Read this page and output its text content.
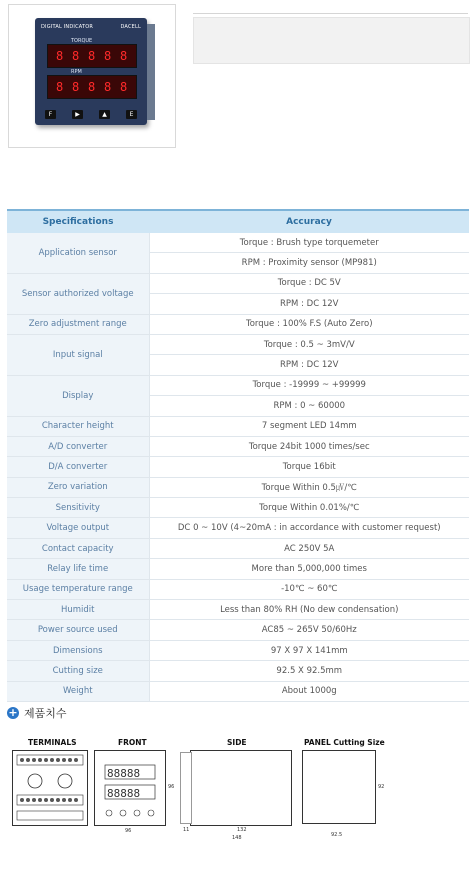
DIGITAL INDICATOR	DACELL
TORQUE
8 8 8 8 8
RPM
8 8 8 8 8
F	▶	▲	E
Specifications	Accuracy
Application sensor	Torque : Brush type torquemeter
	RPM : Proximity sensor (MP981)
Sensor authorized voltage	Torque : DC 5V
	RPM : DC 12V
Zero adjustment range	Torque : 100% F.S (Auto Zero)
Input signal	Torque : 0.5 ~ 3mV/V
	RPM : DC 12V
Display	Torque : -19999 ~ +99999
	RPM : 0 ~ 60000
Character height	7 segment LED 14mm
A/D converter	Torque 24bit 1000 times/sec
D/A converter	Torque 16bit
Zero variation	Torque Within 0.5㎶/℃
Sensitivity	Torque Within 0.01%/℃
Voltage output	DC 0 ~ 10V (4~20mA : in accordance with customer request)
Contact capacity	AC 250V 5A
Relay life time	More than 5,000,000 times
Usage temperature range	-10℃ ~ 60℃
Humidit	Less than 80% RH (No dew condensation)
Power source used	AC85 ~ 265V 50/60Hz
Dimensions	97 X 97 X 141mm
Cutting size	92.5 X 92.5mm
Weight	About 1000g
+ 제품치수
TERMINALS	FRONT	SIDE	PANEL Cutting Size
88888
88888
96
96
11	132
148	92.5
92
